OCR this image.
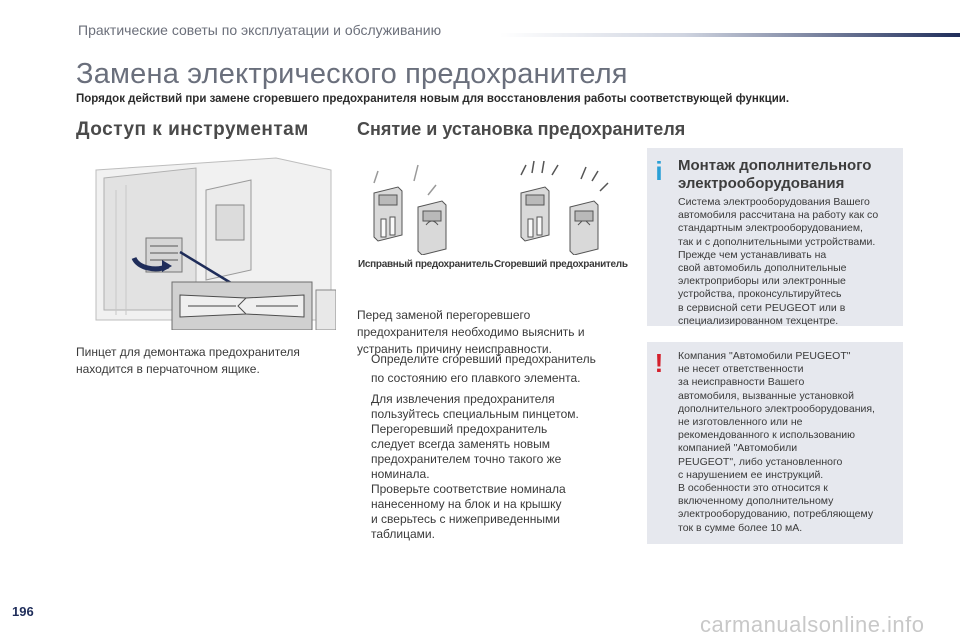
Практические советы по эксплуатации и обслуживанию
Замена электрического предохранителя
Порядок действий при замене сгоревшего предохранителя новым для восстановления работы соответствующей функции.
Доступ к инструментам
Пинцет для демонтажа предохранителя
находится в перчаточном ящике.
Снятие и установка предохранителя
Исправный предохранитель Сгоревший предохранитель
Перед заменой перегоревшего
предохранителя необходимо выяснить и
устранить причину неисправности.
Определите сгоревший предохранитель
по состоянию его плавкого элемента.
Для извлечения предохранителя
пользуйтесь специальным пинцетом.
Перегоревший предохранитель
следует всегда заменять новым
предохранителем точно такого же
номинала.
Проверьте соответствие номинала
нанесенному на блок и на крышку
и сверьтесь с нижеприведенными
таблицами.
i	Монтаж дополнительного
электрооборудования
Система электрооборудования Вашего
автомобиля рассчитана на работу как со
стандартным электрооборудованием,
так и с дополнительными устройствами.
Прежде чем устанавливать на
свой автомобиль дополнительные
электроприборы или электронные
устройства, проконсультируйтесь
в сервисной сети PEUGEOT или в
специализированном техцентре.
!	Компания "Автомобили PEUGEOT"
не несет ответственности
за неисправности Вашего
автомобиля, вызванные установкой
дополнительного электрооборудования,
не изготовленного или не
рекомендованного к использованию
компанией "Автомобили
PEUGEOT", либо установленного
с нарушением ее инструкций.
В особенности это относится к
включенному дополнительному
электрооборудованию, потребляющему
ток в сумме более 10 мА.
196
carmanualsonline.info
